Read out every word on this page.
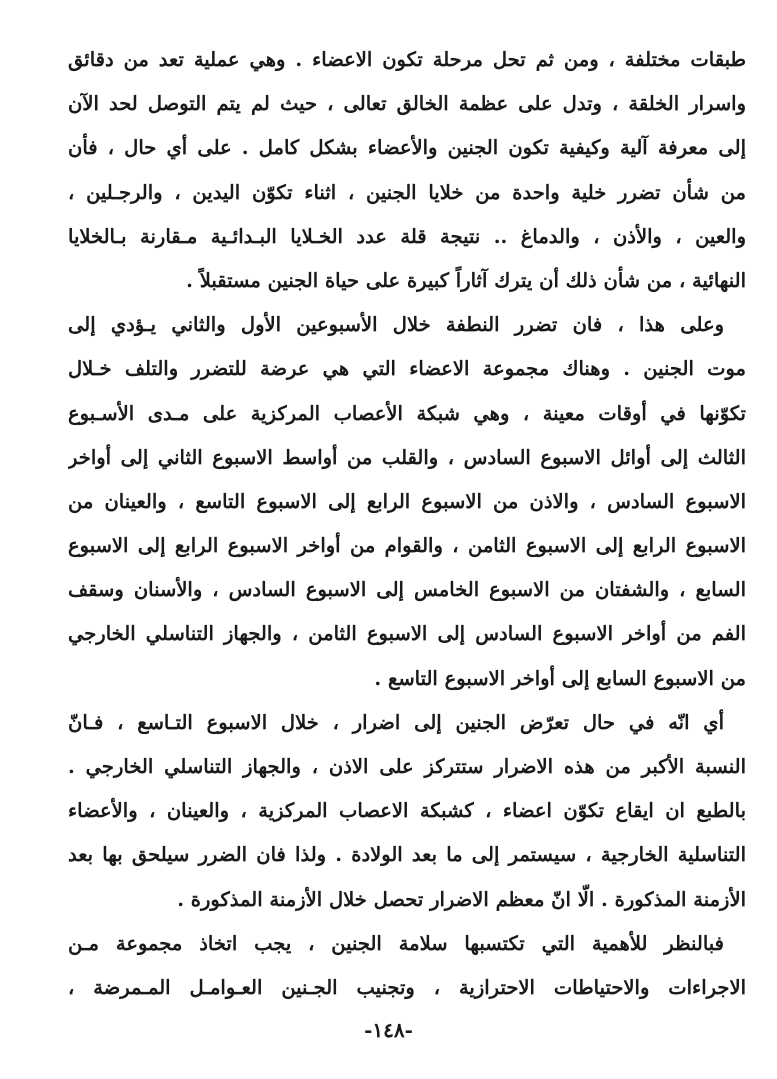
طبقات مختلفة ، ومن ثم تحل مرحلة تكون الاعضاء . وهي عملية تعد من دقائق
واسرار الخلقة ، وتدل على عظمة الخالق تعالى ، حيث لم يتم التوصل لحد الآن
إلى معرفة آلية وكيفية تكون الجنين والأعضاء بشكل كامل . على أي حال ، فأن
من شأن تضرر خلية واحدة من خلايا الجنين ، اثناء تكوّن اليدين ، والرجـلين ،
والعين ، والأذن ، والدماغ .. نتيجة قلة عدد الخـلايا البـدائـية مـقارنة بـالخلايا
النهائية ، من شأن ذلك أن يترك آثاراً كبيرة على حياة الجنين مستقبلاً .
وعلى هذا ، فان تضرر النطفة خلال الأسبوعين الأول والثاني يـؤدي إلى
موت الجنين . وهناك مجموعة الاعضاء التي هي عرضة للتضرر والتلف خـلال
تكوّنها في أوقات معينة ، وهي شبكة الأعصاب المركزية على مـدى الأسـبوع
الثالث إلى أوائل الاسبوع السادس ، والقلب من أواسط الاسبوع الثاني إلى أواخر
الاسبوع السادس ، والاذن من الاسبوع الرابع إلى الاسبوع التاسع ، والعينان من
الاسبوع الرابع إلى الاسبوع الثامن ، والقوام من أواخر الاسبوع الرابع إلى الاسبوع
السابع ، والشفتان من الاسبوع الخامس إلى الاسبوع السادس ، والأسنان وسقف
الفم من أواخر الاسبوع السادس إلى الاسبوع الثامن ، والجهاز التناسلي الخارجي
من الاسبوع السابع إلى أواخر الاسبوع التاسع .
أي انّه في حال تعرّض الجنين إلى اضرار ، خلال الاسبوع التـاسع ، فـانّ
النسبة الأكبر من هذه الاضرار ستتركز على الاذن ، والجهاز التناسلي الخارجي .
بالطبع ان ايقاع تكوّن اعضاء ، كشبكة الاعصاب المركزية ، والعينان ، والأعضاء
التناسلية الخارجية ، سيستمر إلى ما بعد الولادة . ولذا فان الضرر سيلحق بها بعد
الأزمنة المذكورة . الّا انّ معظم الاضرار تحصل خلال الأزمنة المذكورة .
فبالنظر للأهمية التي تكتسبها سلامة الجنين ، يجب اتخاذ مجموعة مـن
الاجراءات والاحتياطات الاحترازية ، وتجنيب الجـنين العـوامـل المـمرضة ،
-١٤٨-
